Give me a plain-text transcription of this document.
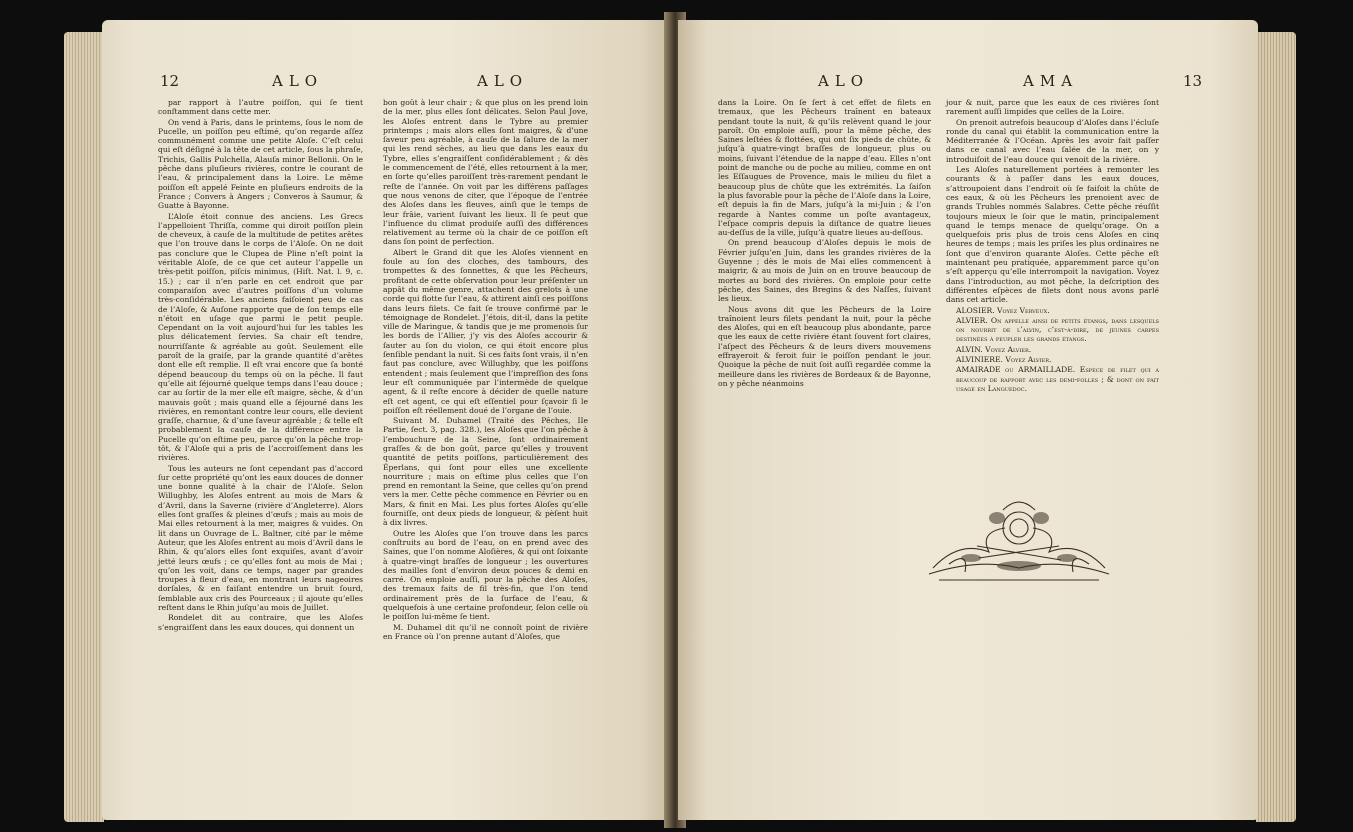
12	ALO	ALO

par rapport à l’autre poiſſon, qui ſe tient conſtamment dans cette mer.

On vend à Paris, dans le printems, ſous le nom de Pucelle, un poiſſon peu eſtimé, qu’on regarde aſſez communément comme une petite Aloſe. C’eſt celui qui eſt déſigné à la tête de cet article, ſous la phraſe, Trichis, Gallis Pulchella, Alauſa minor Bellonii. On le pêche dans pluſieurs rivières, contre le courant de l’eau, & principalement dans la Loire. Le même poiſſon eſt appelé Feinte en pluſieurs endroits de la France ; Convers à Angers ; Converos à Saumur, & Guatte à Bayonne.

L’Aloſe étoit connue des anciens. Les Grecs l’appelloient Thriſſa, comme qui diroit poiſſon plein de cheveux, à cauſe de la multitude de petites arêtes que l’on trouve dans le corps de l’Aloſe. On ne doit pas conclure que le Clupea de Pline n’eſt point la véritable Aloſe, de ce que cet auteur l’appelle un très-petit poiſſon, piſcis minimus, (Hiſt. Nat. l. 9, c. 15.) ; car il n’en parle en cet endroit que par comparaiſon avec d’autres poiſſons d’un volume très-conſidérable. Les anciens faiſoient peu de cas de l’Aloſe, & Auſone rapporte que de ſon temps elle n’étoit en uſage que parmi le petit peuple. Cependant on la voit aujourd’hui ſur les tables les plus délicatement ſervies. Sa chair eſt tendre, nourriſſante & agréable au goût. Seulement elle paroît de la graiſe, par la grande quantité d’arêtes dont elle eſt remplie. Il eſt vrai encore que ſa bonté dépend beaucoup du temps où on la pêche. Il faut qu’elle ait ſéjourné quelque temps dans l’eau douce ; car au ſortir de la mer elle eſt maigre, sèche, & d’un mauvais goût ; mais quand elle a ſéjourné dans les rivières, en remontant contre leur cours, elle devient graſſe, charnue, & d’une ſaveur agréable ; & telle eſt probablement la cauſe de la différence entre la Pucelle qu’on eſtime peu, parce qu’on la pêche trop-tôt, & l’Aloſe qui a pris de l’accroiſſement dans les rivières.

Tous les auteurs ne ſont cependant pas d’accord ſur cette propriété qu’ont les eaux douces de donner une bonne qualité à la chair de l’Aloſe. Selon Willughby, les Aloſes entrent au mois de Mars & d’Avril, dans la Saverne (rivière d’Angleterre). Alors elles ſont graſſes & pleines d’œufs ; mais au mois de Mai elles retournent à la mer, maigres & vuides. On lit dans un Ouvrage de L. Baltner, cité par le même Auteur, que les Aloſes entrent au mois d’Avril dans le Rhin, & qu’alors elles ſont exquiſes, avant d’avoir jetté leurs œufs ; ce qu’elles font au mois de Mai ; qu’on les voit, dans ce temps, nager par grandes troupes à fleur d’eau, en montrant leurs nageoires dorſales, & en faiſant entendre un bruit ſourd, ſemblable aux cris des Pourceaux ; il ajoute qu’elles reſtent dans le Rhin juſqu’au mois de Juillet.

Rondelet dit au contraire, que les Aloſes s’engraiſſent dans les eaux douces, qui donnent un

bon goût à leur chair ; & que plus on les prend loin de la mer, plus elles ſont délicates. Selon Paul Jove, les Aloſes entrent dans le Tybre au premier printemps ; mais alors elles ſont maigres, & d’une ſaveur peu agréable, à cauſe de la ſalure de la mer qui les rend sèches, au lieu que dans les eaux du Tybre, elles s’engraiſſent conſidérablement ; & dès le commencement de l’été, elles retournent à la mer, en ſorte qu’elles paroiſſent très-rarement pendant le reſte de l’année. On voit par les différens paſſages que nous venons de citer, que l’époque de l’entrée des Aloſes dans les fleuves, ainſi que le temps de leur frâie, varient ſuivant les lieux. Il ſe peut que l’influence du climat produiſe auſſi des différences relativement au terme où la chair de ce poiſſon eſt dans ſon point de perfection.

Albert le Grand dit que les Aloſes viennent en foule au ſon des cloches, des tambours, des trompettes & des ſonnettes, & que les Pêcheurs, profitant de cette obſervation pour leur préſenter un appât du même genre, attachent des grelots à une corde qui flotte ſur l’eau, & attirent ainſi ces poiſſons dans leurs filets. Ce fait ſe trouve confirmé par le témoignage de Rondelet. J’étois, dit-il, dans la petite ville de Maringue, & tandis que je me promenois ſur les bords de l’Allier, j’y vis des Aloſes accourir & ſauter au ſon du violon, ce qui étoit encore plus ſenſible pendant la nuit. Si ces faits ſont vrais, il n’en faut pas conclure, avec Willughby, que les poiſſons entendent ; mais ſeulement que l’impreſſion des ſons leur eſt communiquée par l’intermède de quelque agent, & il reſte encore à décider de quelle nature eſt cet agent, ce qui eſt eſſentiel pour ſçavoir ſi le poiſſon eſt réellement doué de l’organe de l’ouie.

Suivant M. Duhamel (Traité des Pêches, IIe Partie, ſect. 3, pag. 328.), les Aloſes que l’on pêche à l’embouchure de la Seine, ſont ordinairement graſſes & de bon goût, parce qu’elles y trouvent quantité de petits poiſſons, particulièrement des Éperlans, qui ſont pour elles une excellente nourriture ; mais on eſtime plus celles que l’on prend en remontant la Seine, que celles qu’on prend vers la mer. Cette pêche commence en Février ou en Mars, & finit en Mai. Les plus fortes Aloſes qu’elle fourniſſe, ont deux pieds de longueur, & pèſent huit à dix livres.

Outre les Aloſes que l’on trouve dans les parcs conſtruits au bord de l’eau, on en prend avec des Saines, que l’on nomme Aloſières, & qui ont ſoixante à quatre-vingt braſſes de longueur ; les ouvertures des mailles ſont d’environ deux pouces & demi en carré. On emploie auſſi, pour la pêche des Aloſes, des tremaux faits de fil très-fin, que l’on tend ordinairement près de la ſurface de l’eau, & quelquefois à une certaine profondeur, ſelon celle où le poiſſon lui-même ſe tient.

M. Duhamel dit qu’il ne connoît point de rivière en France où l’on prenne autant d’Aloſes, que

ALO	AMA	13

dans la Loire. On ſe ſert à cet effet de filets en tremaux, que les Pêcheurs traînent en bateaux pendant toute la nuit, & qu’ils relèvent quand le jour paroît. On emploie auſſi, pour la même pêche, des Saines leſtées & flottées, qui ont ſix pieds de chûte, & juſqu’à quatre-vingt braſſes de longueur, plus ou moins, ſuivant l’étendue de la nappe d’eau. Elles n’ont point de manche ou de poche au milieu, comme en ont les Eſſaugues de Provence, mais le milieu du filet a beaucoup plus de chûte que les extrémités. La ſaiſon la plus favorable pour la pêche de l’Aloſe dans la Loire, eſt depuis la fin de Mars, juſqu’à la mi-Juin ; & l’on regarde à Nantes comme un poſte avantageux, l’eſpace compris depuis la diſtance de quatre lieues au-deſſus de la ville, juſqu’à quatre lieues au-deſſous.

On prend beaucoup d’Aloſes depuis le mois de Février juſqu’en Juin, dans les grandes rivières de la Guyenne ; dès le mois de Mai elles commencent à maigrir, & au mois de Juin on en trouve beaucoup de mortes au bord des rivières. On emploie pour cette pêche, des Saines, des Bregins & des Naſſes, ſuivant les lieux.

Nous avons dit que les Pêcheurs de la Loire traînoient leurs filets pendant la nuit, pour la pêche des Aloſes, qui en eſt beaucoup plus abondante, parce que les eaux de cette rivière étant ſouvent fort claires, l’aſpect des Pêcheurs & de leurs divers mouvemens effrayeroit & feroit fuir le poiſſon pendant le jour. Quoique la pêche de nuit ſoit auſſi regardée comme la meilleure dans les rivières de Bordeaux & de Bayonne, on y pêche néanmoins

jour & nuit, parce que les eaux de ces rivières ſont rarement auſſi limpides que celles de la Loire.

On prenoit autrefois beaucoup d’Aloſes dans l’écluſe ronde du canal qui établit la communication entre la Méditerranée & l’Océan. Après les avoir fait paſſer dans ce canal avec l’eau ſalée de la mer, on y introduiſoit de l’eau douce qui venoit de la rivière.

Les Aloſes naturellement portées à remonter les courants & à paſſer dans les eaux douces, s’attroupoient dans l’endroit où ſe faiſoit la chûte de ces eaux, & où les Pêcheurs les prenoient avec de grands Trubles nommés Salabres. Cette pêche réuſſit toujours mieux le ſoir que le matin, principalement quand le temps menace de quelqu’orage. On a quelquefois pris plus de trois cens Aloſes en cinq heures de temps ; mais les priſes les plus ordinaires ne ſont que d’environ quarante Aloſes. Cette pêche eſt maintenant peu pratiquée, apparemment parce qu’on s’eſt apperçu qu’elle interrompoit la navigation. Voyez dans l’introduction, au mot pêche, la deſcription des différentes eſpèces de filets dont nous avons parlé dans cet article.

ALOSIER. Voyez Verveux.

ALVIER. On appelle ainſi de petits étangs, dans leſquels on nourrit de l’alvin, c’eſt-à-dire, de jeunes carpes deſtinées à peupler les grands étangs.

ALVIN. Voyez Alvier.

ALVINIERE. Voyez Alvier.

AMAIRADE ou ARMAILLADE. Eſpèce de filet qui a beaucoup de rapport avec les demi-folles ; & dont on fait uſage en Languedoc.
